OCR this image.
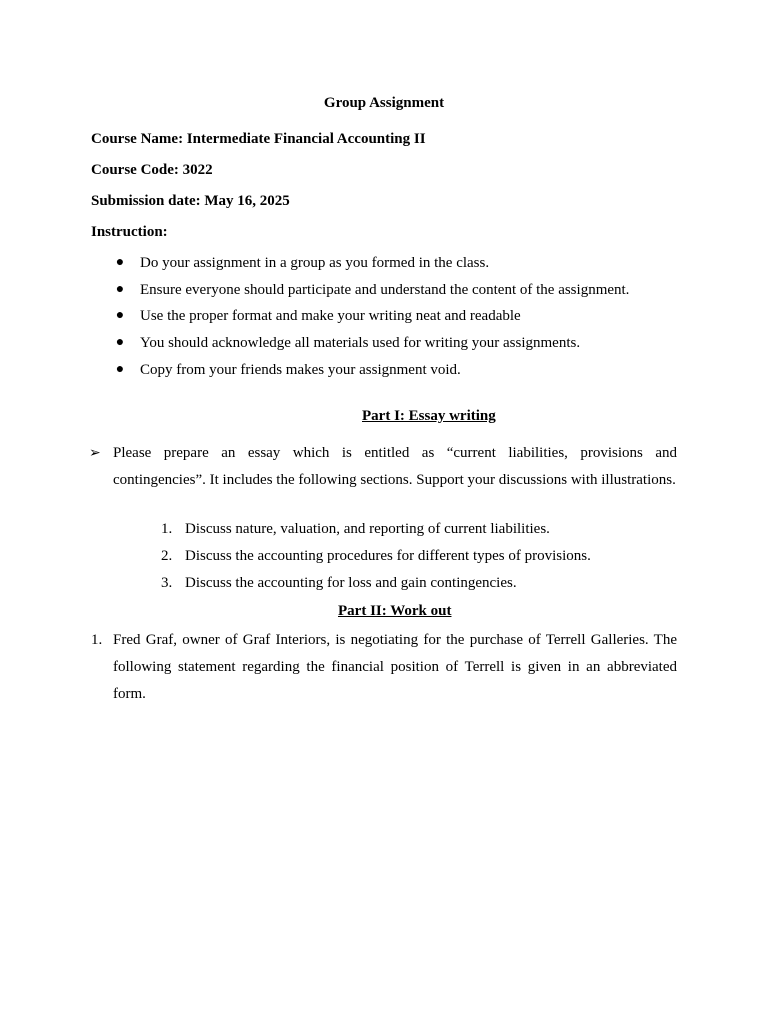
Group Assignment
Course Name: Intermediate Financial Accounting II
Course Code: 3022
Submission date: May 16, 2025
Instruction:
● Do your assignment in a group as you formed in the class.
● Ensure everyone should participate and understand the content of the assignment.
● Use the proper format and make your writing neat and readable
● You should acknowledge all materials used for writing your assignments.
● Copy from your friends makes your assignment void.
Part I: Essay writing
➢ Please prepare an essay which is entitled as “current liabilities, provisions and contingencies”. It includes the following sections. Support your discussions with illustrations.
1. Discuss nature, valuation, and reporting of current liabilities.
2. Discuss the accounting procedures for different types of provisions.
3. Discuss the accounting for loss and gain contingencies.
Part II: Work out
1. Fred Graf, owner of Graf Interiors, is negotiating for the purchase of Terrell Galleries. The following statement regarding the financial position of Terrell is given in an abbreviated form.
